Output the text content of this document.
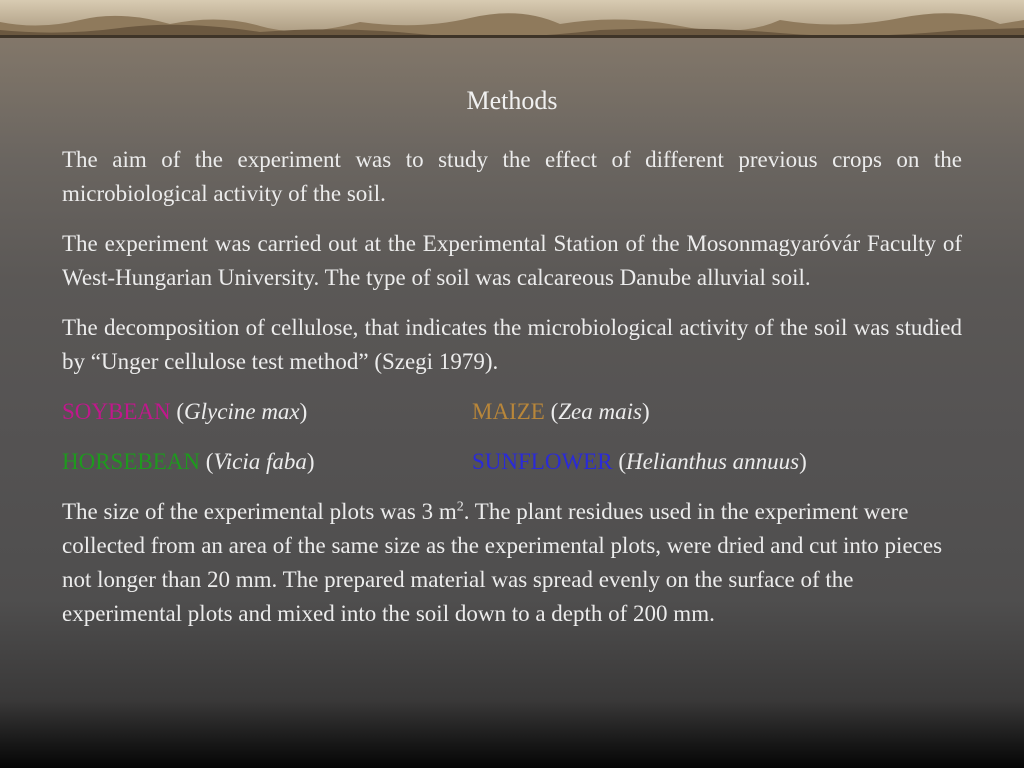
Methods

The aim of the experiment was to study the effect of different previous crops on the microbiological activity of the soil.

The experiment was carried out at the Experimental Station of the Mosonmagyaróvár Faculty of West-Hungarian University. The type of soil was calcareous Danube alluvial soil.

The decomposition of cellulose, that indicates the microbiological activity of the soil was studied by “Unger cellulose test method” (Szegi 1979).

SOYBEAN (Glycine max)	MAIZE (Zea mais)
HORSEBEAN (Vicia faba)	SUNFLOWER (Helianthus annuus)

The size of the experimental plots was 3 $m^2$. The plant residues used in the experiment were collected from an area of the same size as the experimental plots, were dried and cut into pieces not longer than 20 mm. The prepared material was spread evenly on the surface of the experimental plots and mixed into the soil down to a depth of 200 mm.
